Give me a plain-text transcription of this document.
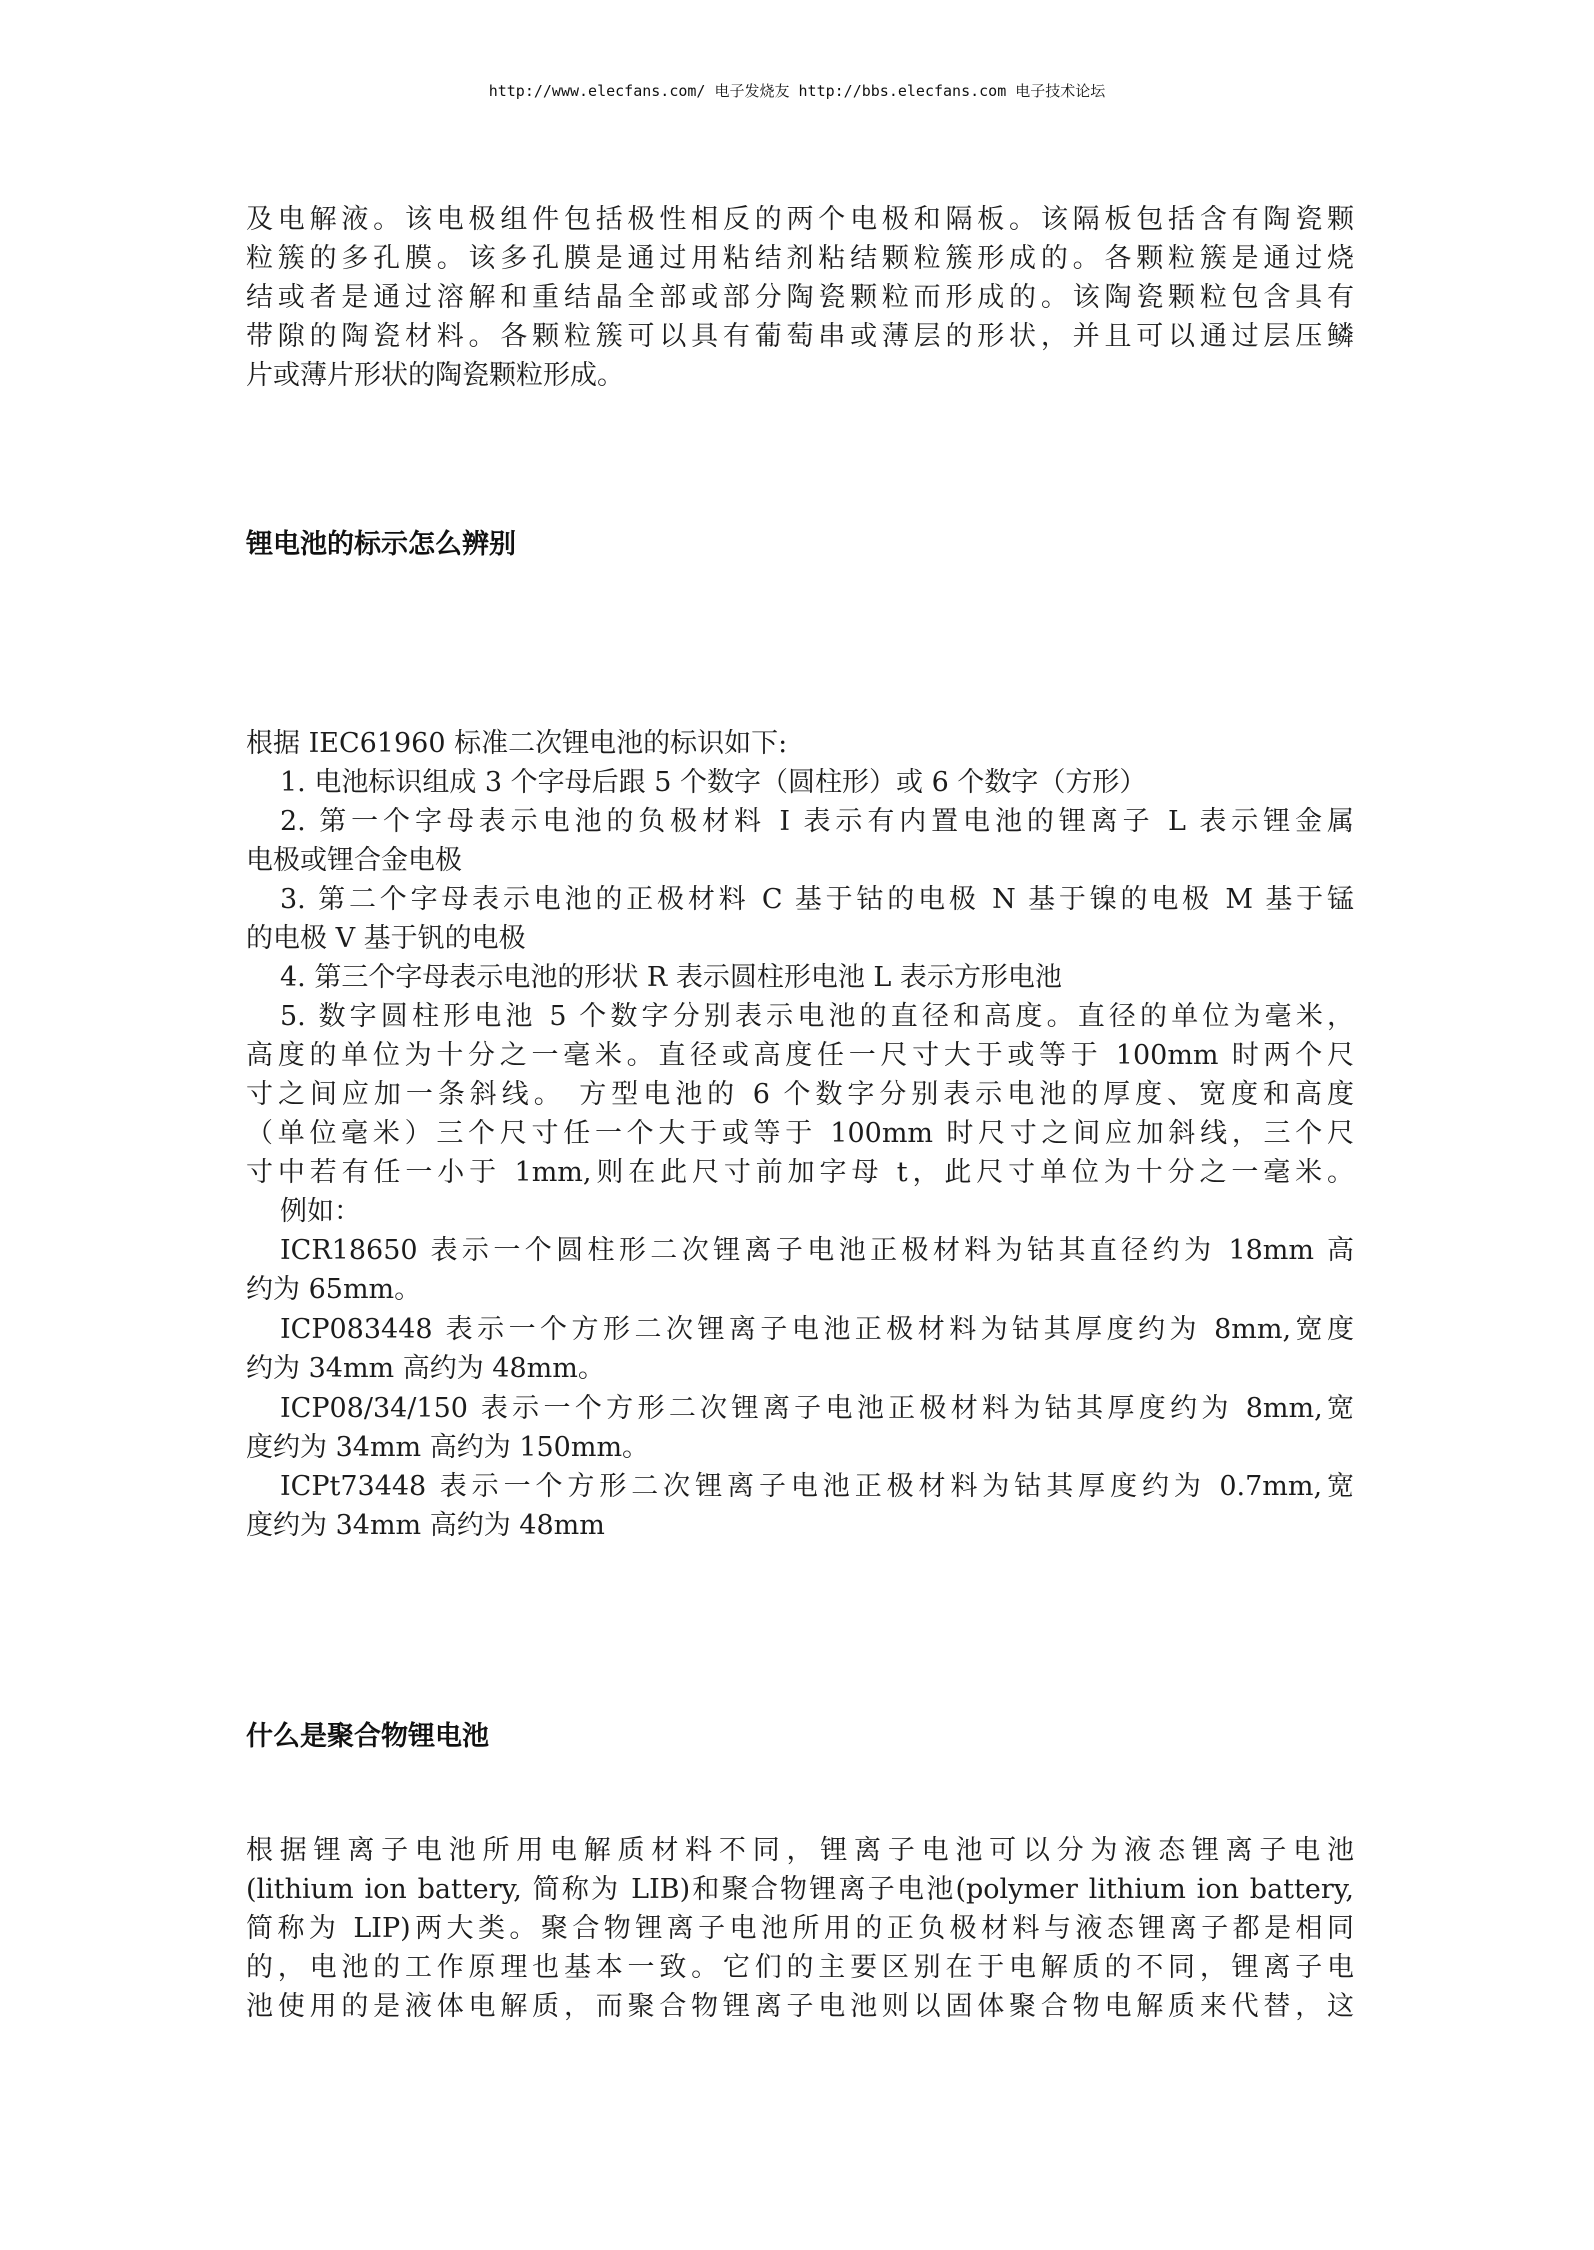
http://www.elecfans.com/ 电子发烧友 http://bbs.elecfans.com 电子技术论坛
及电解液。该电极组件包括极性相反的两个电极和隔板。该隔板包括含有陶瓷颗
粒簇的多孔膜。该多孔膜是通过用粘结剂粘结颗粒簇形成的。各颗粒簇是通过烧
结或者是通过溶解和重结晶全部或部分陶瓷颗粒而形成的。该陶瓷颗粒包含具有
带隙的陶瓷材料。各颗粒簇可以具有葡萄串或薄层的形状，并且可以通过层压鳞
片或薄片形状的陶瓷颗粒形成。
锂电池的标示怎么辨别
根据 IEC61960 标准二次锂电池的标识如下:
1. 电池标识组成 3 个字母后跟 5 个数字（圆柱形）或 6 个数字（方形）
2. 第一个字母表示电池的负极材料 I 表示有内置电池的锂离子 L 表示锂金属
电极或锂合金电极
3. 第二个字母表示电池的正极材料 C 基于钴的电极 N 基于镍的电极 M 基于锰
的电极 V 基于钒的电极
4. 第三个字母表示电池的形状 R 表示圆柱形电池 L 表示方形电池
5. 数字圆柱形电池 5 个数字分别表示电池的直径和高度。直径的单位为毫米，
高度的单位为十分之一毫米。直径或高度任一尺寸大于或等于 100mm 时两个尺
寸之间应加一条斜线。 方型电池的 6 个数字分别表示电池的厚度、宽度和高度
（单位毫米）三个尺寸任一个大于或等于 100mm 时尺寸之间应加斜线，三个尺
寸中若有任一小于 1mm,则在此尺寸前加字母 t，此尺寸单位为十分之一毫米。
例如：
ICR18650 表示一个圆柱形二次锂离子电池正极材料为钴其直径约为 18mm 高
约为 65mm。
ICP083448 表示一个方形二次锂离子电池正极材料为钴其厚度约为 8mm,宽度
约为 34mm 高约为 48mm。
ICP08/34/150 表示一个方形二次锂离子电池正极材料为钴其厚度约为 8mm,宽
度约为 34mm 高约为 150mm。
ICPt73448 表示一个方形二次锂离子电池正极材料为钴其厚度约为 0.7mm,宽
度约为 34mm 高约为 48mm
什么是聚合物锂电池
根据锂离子电池所用电解质材料不同，锂离子电池可以分为液态锂离子电池
(lithium ion battery, 简称为 LIB)和聚合物锂离子电池(polymer lithium ion battery,
简称为 LIP)两大类。聚合物锂离子电池所用的正负极材料与液态锂离子都是相同
的，电池的工作原理也基本一致。它们的主要区别在于电解质的不同，锂离子电
池使用的是液体电解质，而聚合物锂离子电池则以固体聚合物电解质来代替，这
